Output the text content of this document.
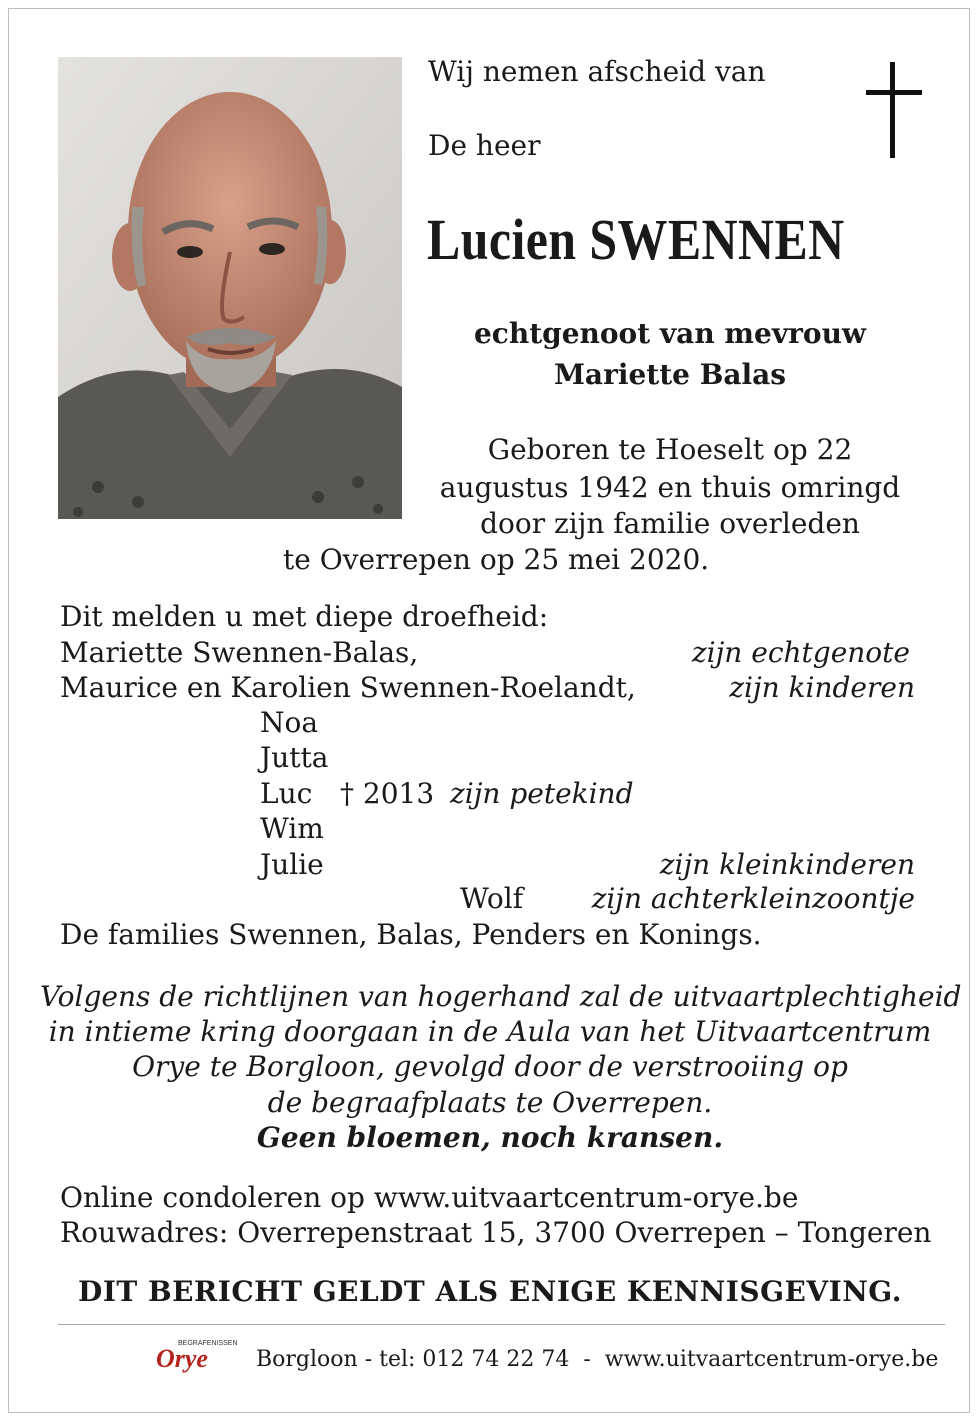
Wij nemen afscheid van
De heer
Lucien SWENNEN
echtgenoot van mevrouw
Mariette Balas
Geboren te Hoeselt op 22
augustus 1942 en thuis omringd
door zijn familie overleden
te Overrepen op 25 mei 2020.
Dit melden u met diepe droefheid:
Mariette Swennen-Balas,	zijn echtgenote
Maurice en Karolien Swennen-Roelandt,	zijn kinderen
Noa
Jutta
Luc † 2013 zijn petekind
Wim
Julie	zijn kleinkinderen
Wolf	zijn achterkleinzoontje
De families Swennen, Balas, Penders en Konings.
Volgens de richtlijnen van hogerhand zal de uitvaartplechtigheid
in intieme kring doorgaan in de Aula van het Uitvaartcentrum
Orye te Borgloon, gevolgd door de verstrooiing op
de begraafplaats te Overrepen.
Geen bloemen, noch kransen.
Online condoleren op www.uitvaartcentrum-orye.be
Rouwadres: Overrepenstraat 15, 3700 Overrepen – Tongeren
DIT BERICHT GELDT ALS ENIGE KENNISGEVING.
BEGRAFENISSEN
Orye Borgloon - tel: 012 74 22 74  -  www.uitvaartcentrum-orye.be
